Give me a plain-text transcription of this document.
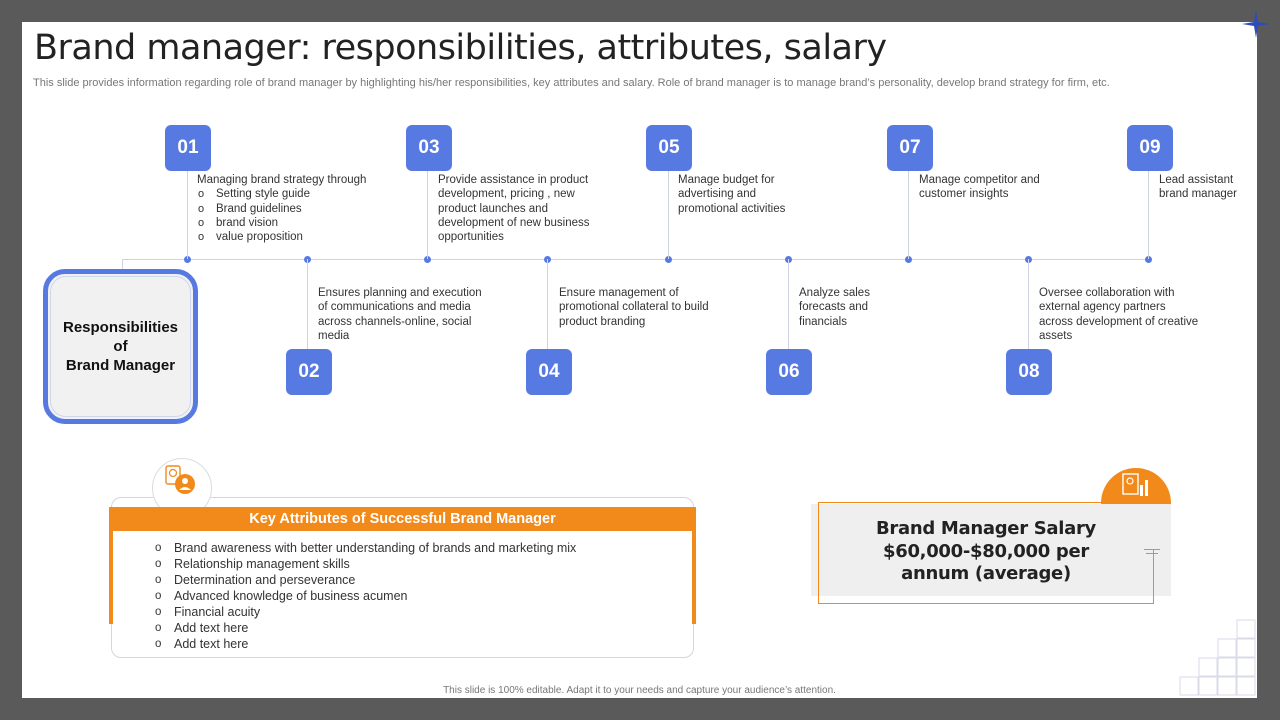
Brand manager: responsibilities, attributes, salary
This slide provides information regarding role of brand manager by highlighting his/her responsibilities, key attributes and salary. Role of brand manager is to manage brand’s personality, develop brand strategy for firm, etc.
01
Managing brand strategy through
o Setting style guide
o Brand guidelines
o brand vision
o value proposition
03
Provide assistance in product development, pricing , new product launches and development of new business opportunities
05
Manage budget for advertising and promotional activities
07
Manage competitor and customer insights
09
Lead assistant brand manager
02
Ensures planning and execution of communications and media across channels-online, social media
04
Ensure management of promotional collateral to build product branding
06
Analyze sales forecasts and financials
08
Oversee collaboration with external agency partners across development of creative assets
Responsibilities
of
Brand Manager
Key Attributes of Successful Brand Manager
o Brand awareness with better understanding of brands and marketing mix
o Relationship management skills
o Determination and perseverance
o Advanced knowledge of business acumen
o Financial acuity
o Add text here
o Add text here
Brand Manager Salary
$60,000-$80,000 per
annum (average)
This slide is 100% editable. Adapt it to your needs and capture your audience’s attention.
